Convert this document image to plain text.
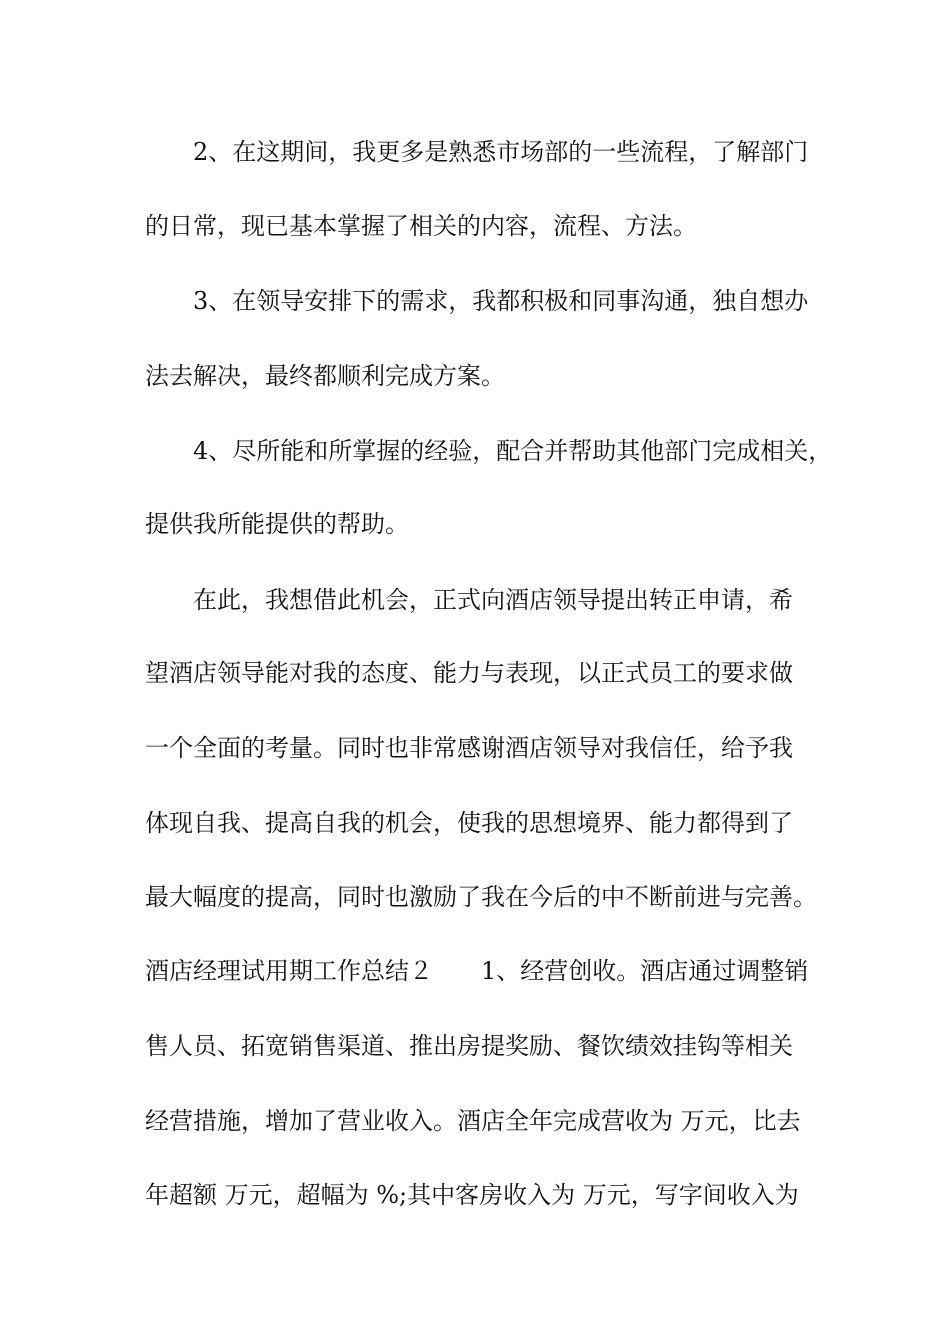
2、在这期间，我更多是熟悉市场部的一些流程，了解部门

的日常，现已基本掌握了相关的内容，流程、方法。

3、在领导安排下的需求，我都积极和同事沟通，独自想办

法去解决，最终都顺利完成方案。

4、尽所能和所掌握的经验，配合并帮助其他部门完成相关，

提供我所能提供的帮助。

在此，我想借此机会，正式向酒店领导提出转正申请，希

望酒店领导能对我的态度、能力与表现，以正式员工的要求做

一个全面的考量。同时也非常感谢酒店领导对我信任，给予我

体现自我、提高自我的机会，使我的思想境界、能力都得到了

最大幅度的提高，同时也激励了我在今后的中不断前进与完善。

酒店经理试用期工作总结２　　1、经营创收。酒店通过调整销

售人员、拓宽销售渠道、推出房提奖励、餐饮绩效挂钩等相关

经营措施，增加了营业收入。酒店全年完成营收为 万元，比去

年超额 万元，超幅为 %;其中客房收入为 万元，写字间收入为
